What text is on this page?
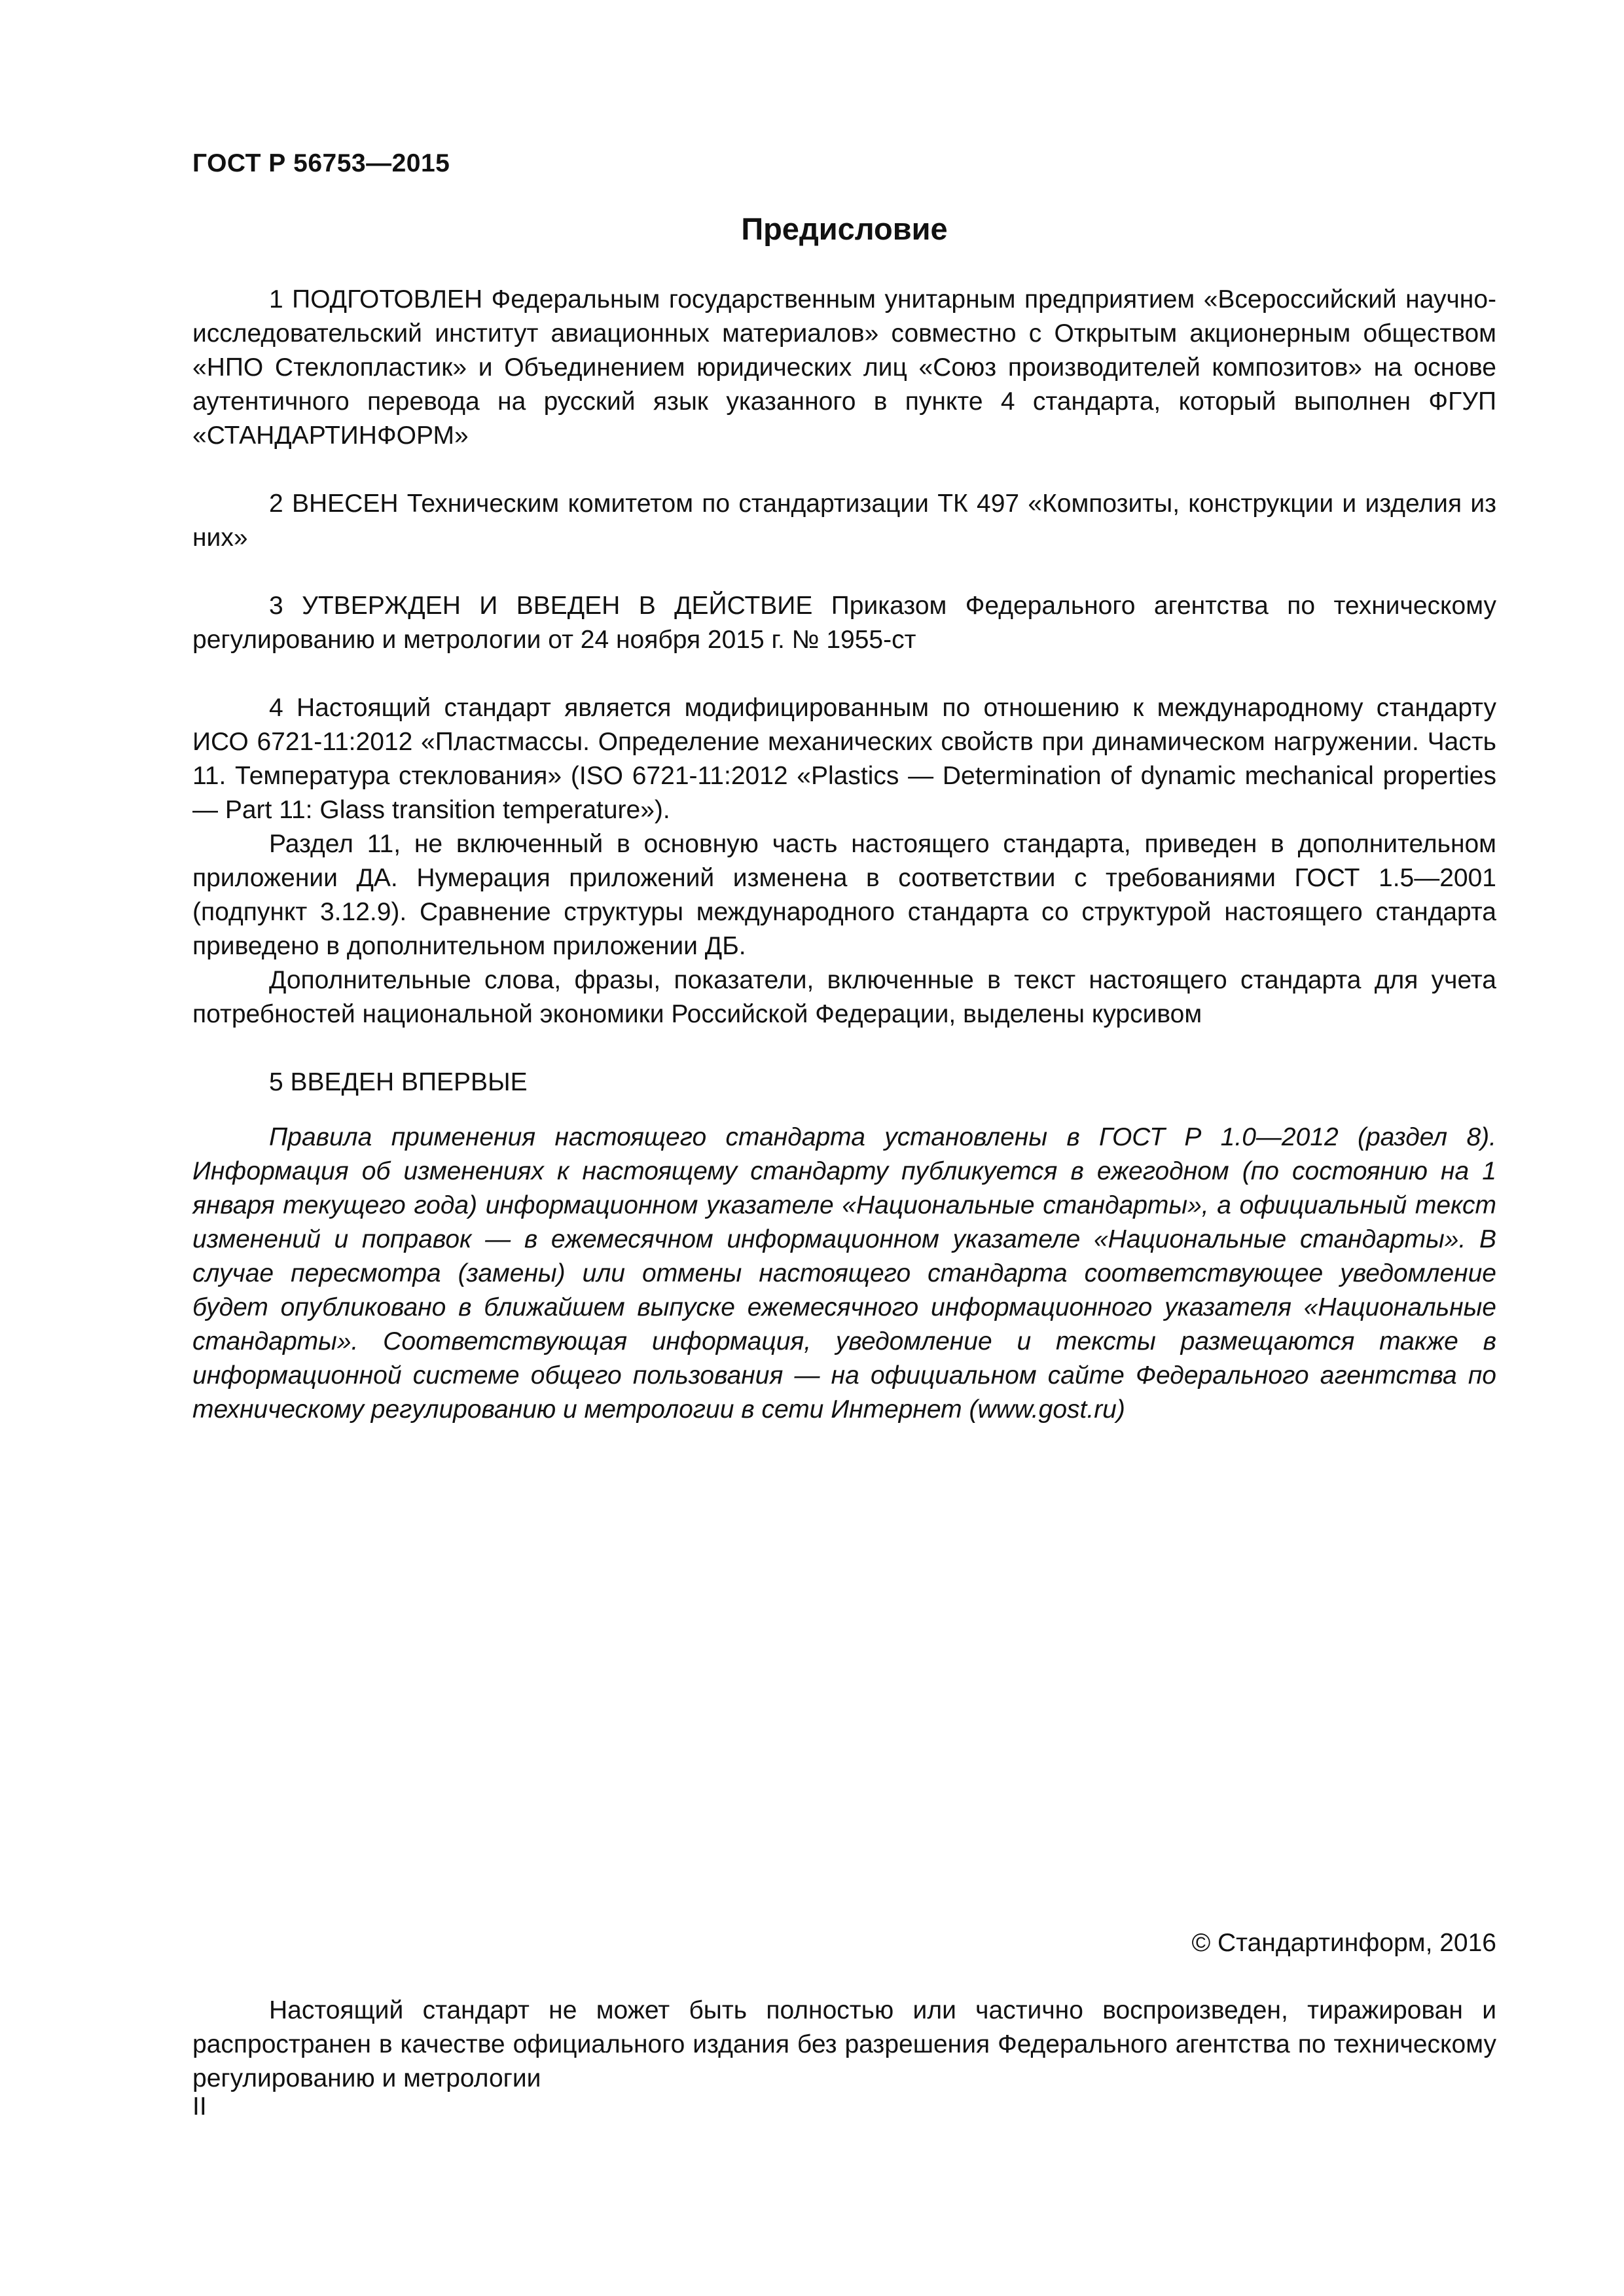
ГОСТ Р 56753—2015
Предисловие

1 ПОДГОТОВЛЕН Федеральным государственным унитарным предприятием «Всероссийский научно-исследовательский институт авиационных материалов» совместно с Открытым акционерным обществом «НПО Стеклопластик» и Объединением юридических лиц «Союз производителей композитов» на основе аутентичного перевода на русский язык указанного в пункте 4 стандарта, который выполнен ФГУП «СТАНДАРТИНФОРМ»

2 ВНЕСЕН Техническим комитетом по стандартизации ТК 497 «Композиты, конструкции и изделия из них»

3 УТВЕРЖДЕН И ВВЕДЕН В ДЕЙСТВИЕ Приказом Федерального агентства по техническому регулированию и метрологии от 24 ноября 2015 г. № 1955-ст

4 Настоящий стандарт является модифицированным по отношению к международному стандарту ИСО 6721-11:2012 «Пластмассы. Определение механических свойств при динамическом нагружении. Часть 11. Температура стеклования» (ISO 6721-11:2012 «Plastics — Determination of dynamic mechanical properties — Part 11: Glass transition temperature»).

Раздел 11, не включенный в основную часть настоящего стандарта, приведен в дополнительном приложении ДА. Нумерация приложений изменена в соответствии с требованиями ГОСТ 1.5—2001 (подпункт 3.12.9). Сравнение структуры международного стандарта со структурой настоящего стандарта приведено в дополнительном приложении ДБ.

Дополнительные слова, фразы, показатели, включенные в текст настоящего стандарта для учета потребностей национальной экономики Российской Федерации, выделены курсивом

5 ВВЕДЕН ВПЕРВЫЕ

Правила применения настоящего стандарта установлены в ГОСТ Р 1.0—2012 (раздел 8). Информация об изменениях к настоящему стандарту публикуется в ежегодном (по состоянию на 1 января текущего года) информационном указателе «Национальные стандарты», а официальный текст изменений и поправок — в ежемесячном информационном указателе «Национальные стандарты». В случае пересмотра (замены) или отмены настоящего стандарта соответствующее уведомление будет опубликовано в ближайшем выпуске ежемесячного информационного указателя «Национальные стандарты». Соответствующая информация, уведомление и тексты размещаются также в информационной системе общего пользования — на официальном сайте Федерального агентства по техническому регулированию и метрологии в сети Интернет (www.gost.ru)

© Стандартинформ, 2016

Настоящий стандарт не может быть полностью или частично воспроизведен, тиражирован и распространен в качестве официального издания без разрешения Федерального агентства по техническому регулированию и метрологии

II
